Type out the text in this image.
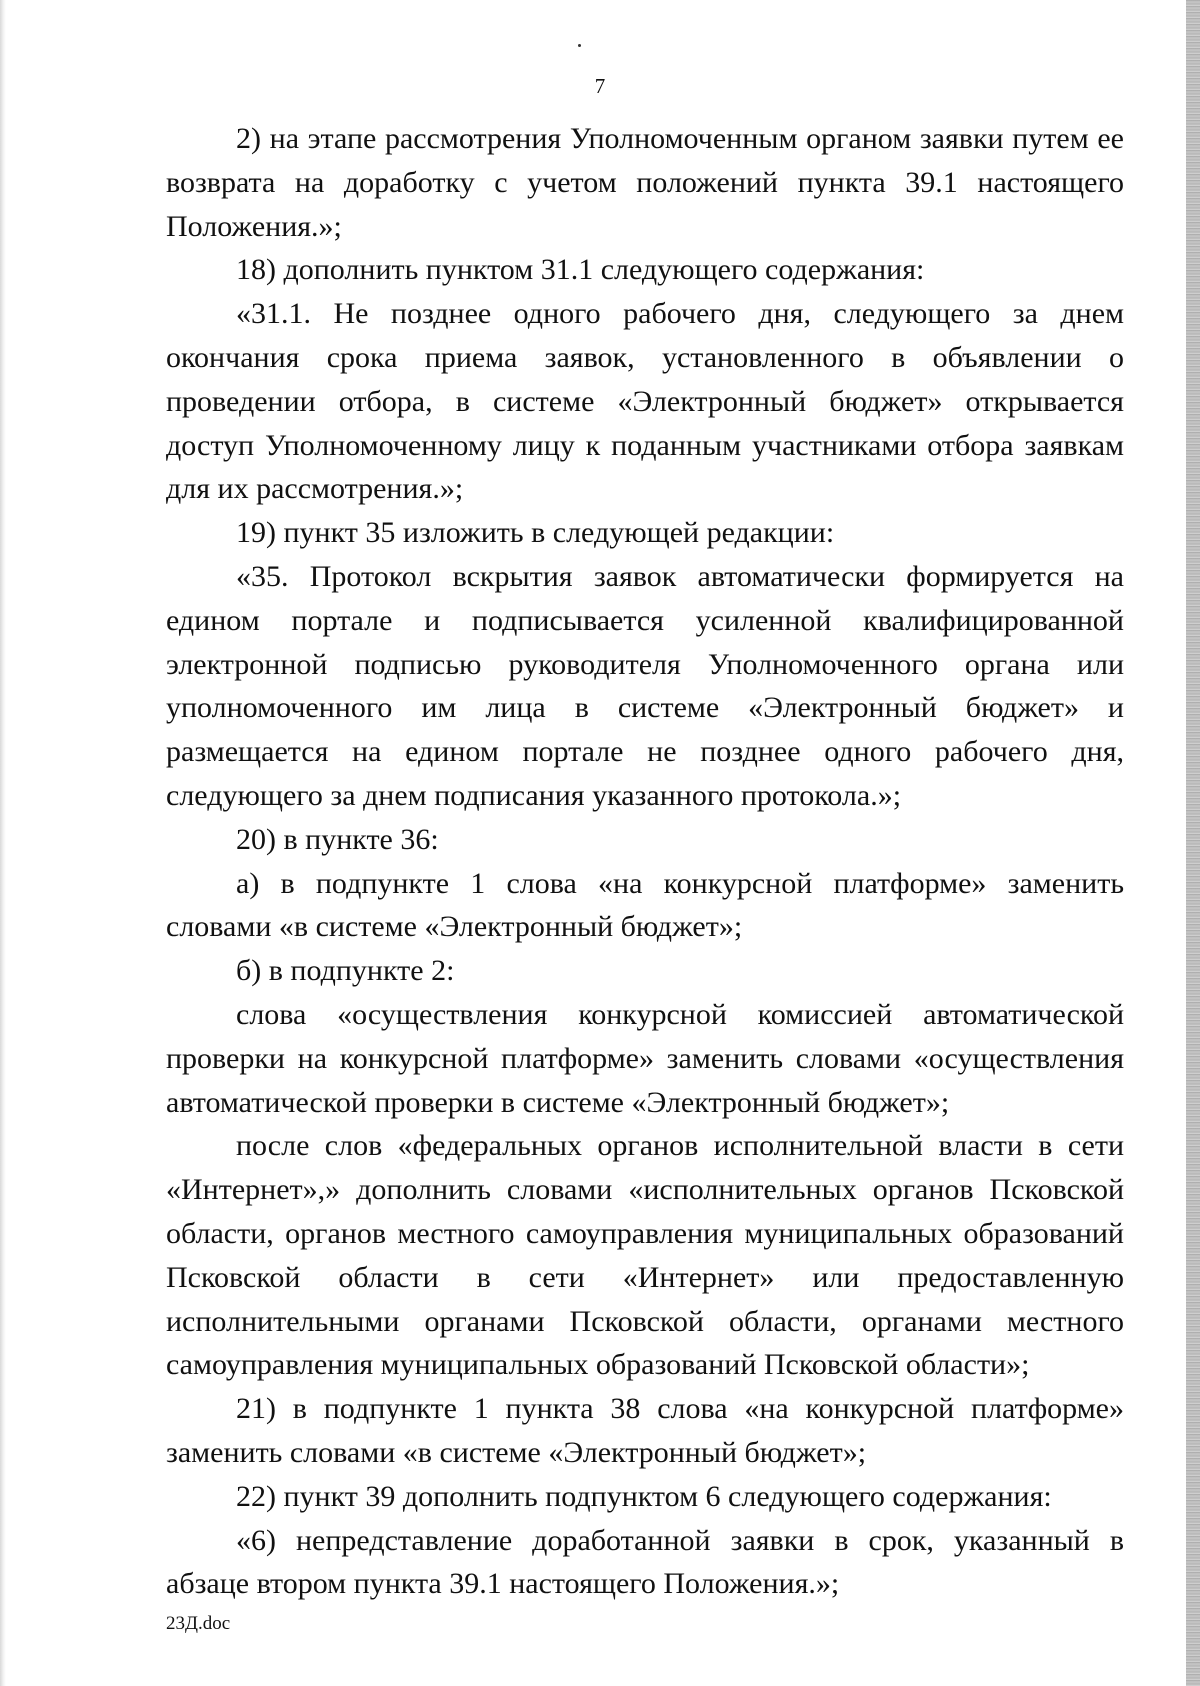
7

2) на этапе рассмотрения Уполномоченным органом заявки путем ее возврата на доработку с учетом положений пункта 39.1 настоящего Положения.»;

18) дополнить пунктом 31.1 следующего содержания:

«31.1. Не позднее одного рабочего дня, следующего за днем окончания срока приема заявок, установленного в объявлении о проведении отбора, в системе «Электронный бюджет» открывается доступ Уполномоченному лицу к поданным участниками отбора заявкам для их рассмотрения.»;

19) пункт 35 изложить в следующей редакции:

«35. Протокол вскрытия заявок автоматически формируется на едином портале и подписывается усиленной квалифицированной электронной подписью руководителя Уполномоченного органа или уполномоченного им лица в системе «Электронный бюджет» и размещается на едином портале не позднее одного рабочего дня, следующего за днем подписания указанного протокола.»;

20) в пункте 36:

а) в подпункте 1 слова «на конкурсной платформе» заменить словами «в системе «Электронный бюджет»;

б) в подпункте 2:

слова «осуществления конкурсной комиссией автоматической проверки на конкурсной платформе» заменить словами «осуществления автоматической проверки в системе «Электронный бюджет»;

после слов «федеральных органов исполнительной власти в сети «Интернет»,» дополнить словами «исполнительных органов Псковской области, органов местного самоуправления муниципальных образований Псковской области в сети «Интернет» или предоставленную исполнительными органами Псковской области, органами местного самоуправления муниципальных образований Псковской области»;

21) в подпункте 1 пункта 38 слова «на конкурсной платформе» заменить словами «в системе «Электронный бюджет»;

22) пункт 39 дополнить подпунктом 6 следующего содержания:

«6) непредставление доработанной заявки в срок, указанный в абзаце втором пункта 39.1 настоящего Положения.»;

23Д.doc
